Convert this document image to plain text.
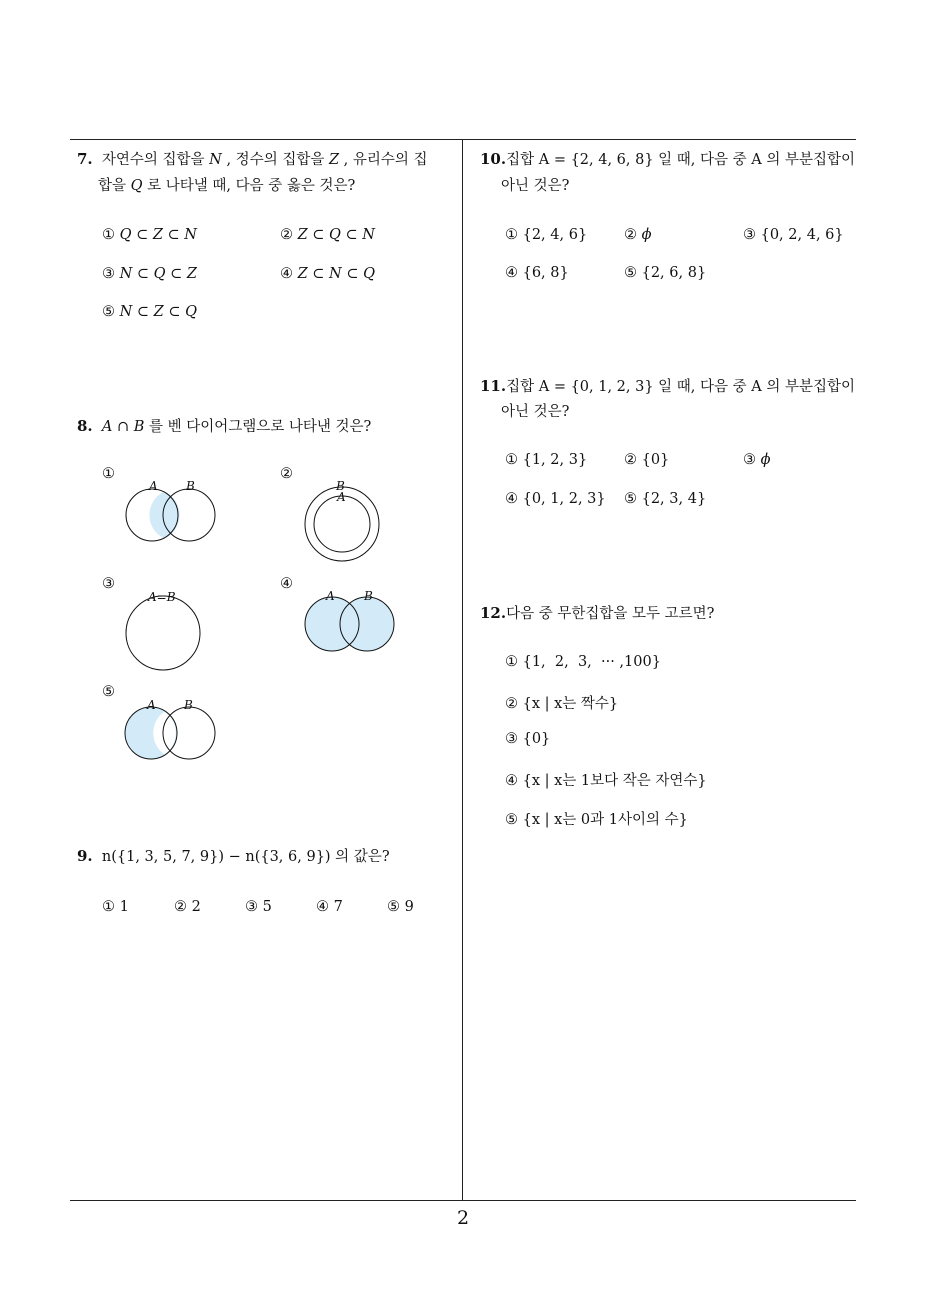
7. 자연수의 집합을 N , 정수의 집합을 Z , 유리수의 집
합을 Q 로 나타낼 때, 다음 중 옳은 것은?
① Q ⊂ Z ⊂ N	② Z ⊂ Q ⊂ N
③ N ⊂ Q ⊂ Z	④ Z ⊂ N ⊂ Q
⑤ N ⊂ Z ⊂ Q
8. A ∩ B 를 벤 다이어그램으로 나타낸 것은?
①
A B
②
B
A
③
A=B
④
A B
⑤
A B
9. n({1, 3, 5, 7, 9}) − n({3, 6, 9}) 의 값은?
① 1	② 2	③ 5	④ 7	⑤ 9
10.집합 A = {2, 4, 6, 8} 일 때, 다음 중 A 의 부분집합이
아닌 것은?
① {2, 4, 6}	② ϕ	③ {0, 2, 4, 6}
④ {6, 8}	⑤ {2, 6, 8}
11.집합 A = {0, 1, 2, 3} 일 때, 다음 중 A 의 부분집합이
아닌 것은?
① {1, 2, 3}	② {0}	③ ϕ
④ {0, 1, 2, 3} ⑤ {2, 3, 4}
12.다음 중 무한집합을 모두 고르면?
① {1,  2,  3,  ··· ,100}
② {x | x는 짝수}
③ {0}
④ {x | x는 1보다 작은 자연수}
⑤ {x | x는 0과 1사이의 수}
2
